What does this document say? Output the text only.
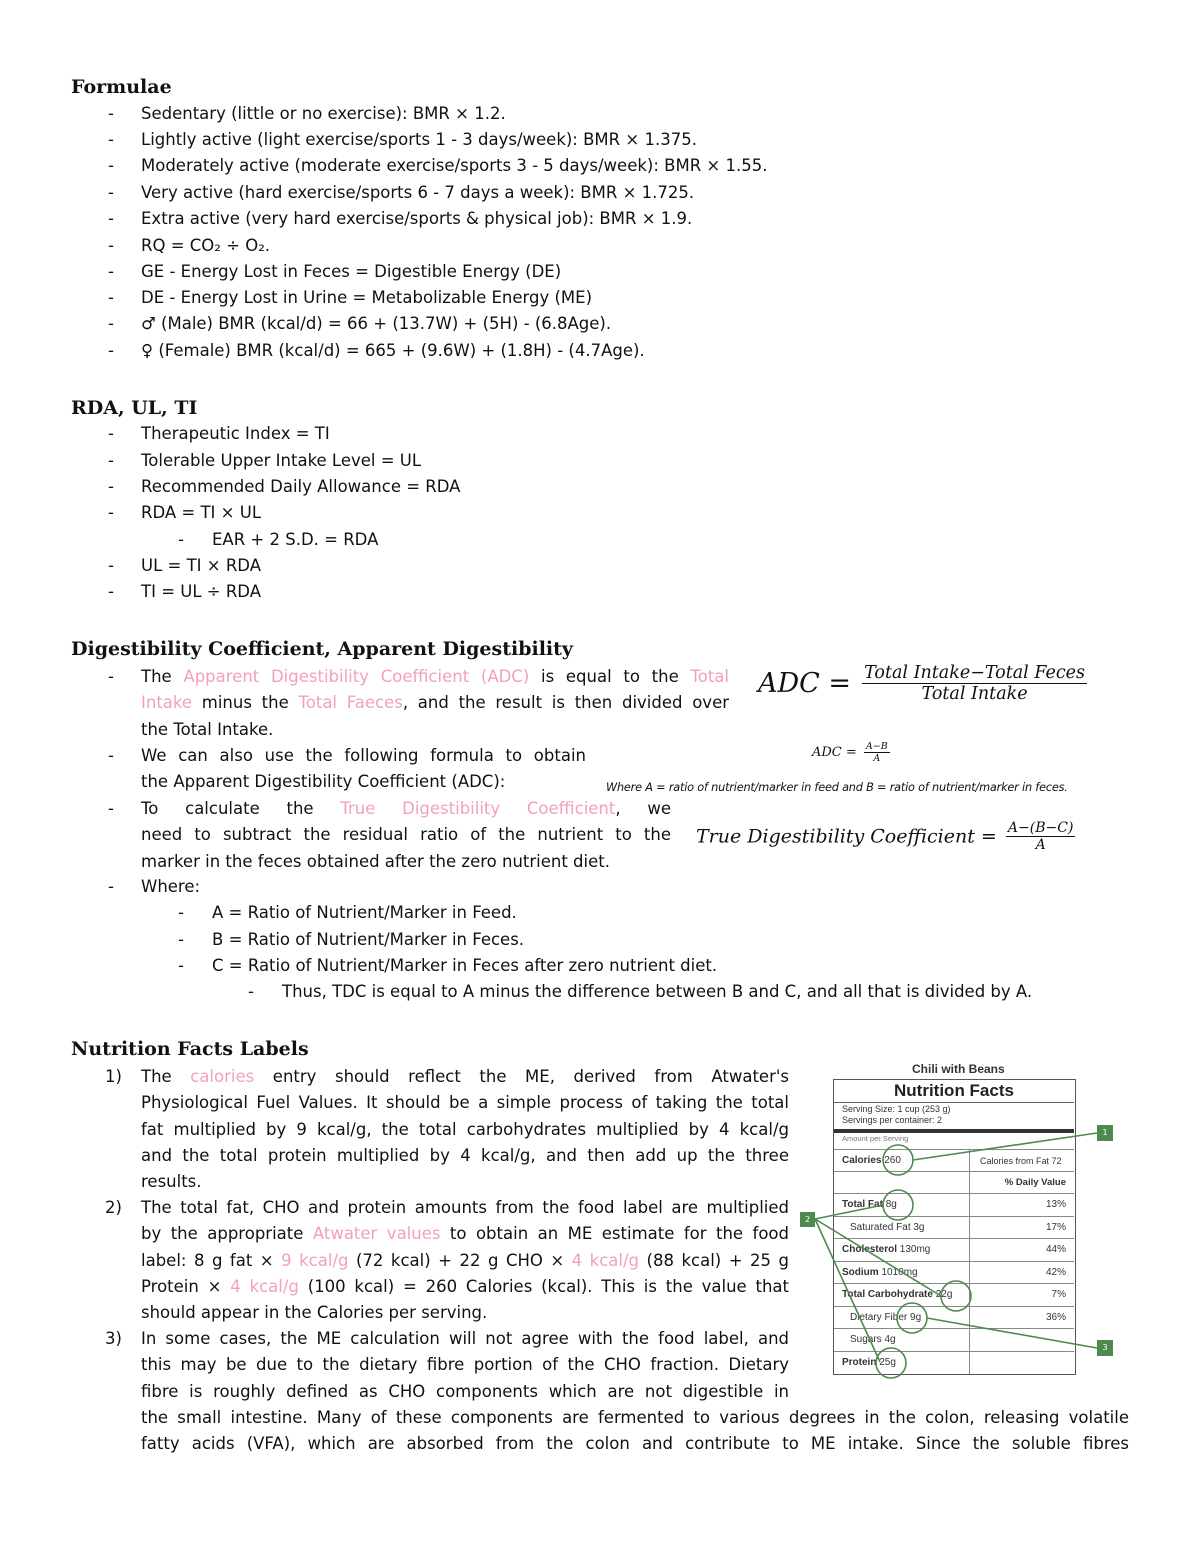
Formulae
- Sedentary (little or no exercise): BMR × 1.2.
- Lightly active (light exercise/sports 1 - 3 days/week): BMR × 1.375.
- Moderately active (moderate exercise/sports 3 - 5 days/week): BMR × 1.55.
- Very active (hard exercise/sports 6 - 7 days a week): BMR × 1.725.
- Extra active (very hard exercise/sports & physical job): BMR × 1.9.
- RQ = CO₂ ÷ O₂.
- GE - Energy Lost in Feces = Digestible Energy (DE)
- DE - Energy Lost in Urine = Metabolizable Energy (ME)
- ♂ (Male) BMR (kcal/d) = 66 + (13.7W) + (5H) - (6.8Age).
- ♀ (Female) BMR (kcal/d) = 665 + (9.6W) + (1.8H) - (4.7Age).
RDA, UL, TI
- Therapeutic Index = TI
- Tolerable Upper Intake Level = UL
- Recommended Daily Allowance = RDA
- RDA = TI × UL
- EAR + 2 S.D. = RDA
- UL = TI × RDA
- TI = UL ÷ RDA
Digestibility Coefficient, Apparent Digestibility
- The Apparent Digestibility Coefficient (ADC) is equal to the Total
Intake minus the Total Faeces, and the result is then divided over
the Total Intake.
- We can also use the following formula to obtain
the Apparent Digestibility Coefficient (ADC):
- To calculate the True Digestibility Coefficient, we
need to subtract the residual ratio of the nutrient to the
marker in the feces obtained after the zero nutrient diet.
- Where:
- A = Ratio of Nutrient/Marker in Feed.
- B = Ratio of Nutrient/Marker in Feces.
- C = Ratio of Nutrient/Marker in Feces after zero nutrient diet.
- Thus, TDC is equal to A minus the difference between B and C, and all that is divided by A.
ADC = $\frac{\text{Total Intake−Total Feces}}{\text{Total Intake}}$
ADC = $\frac{A-B}{A}$
Where A = ratio of nutrient/marker in feed and B = ratio of nutrient/marker in feces.
True Digestibility Coefficient = $\frac{A-(B-C)}{A}$
Nutrition Facts Labels
1) The calories entry should reflect the ME, derived from Atwater's
Physiological Fuel Values. It should be a simple process of taking the total
fat multiplied by 9 kcal/g, the total carbohydrates multiplied by 4 kcal/g
and the total protein multiplied by 4 kcal/g, and then add up the three
results.
2) The total fat, CHO and protein amounts from the food label are multiplied
by the appropriate Atwater values to obtain an ME estimate for the food
label: 8 g fat × 9 kcal/g (72 kcal) + 22 g CHO × 4 kcal/g (88 kcal) + 25 g
Protein × 4 kcal/g (100 kcal) = 260 Calories (kcal). This is the value that
should appear in the Calories per serving.
3) In some cases, the ME calculation will not agree with the food label, and
this may be due to the dietary fibre portion of the CHO fraction. Dietary
fibre is roughly defined as CHO components which are not digestible in
the small intestine. Many of these components are fermented to various degrees in the colon, releasing volatile
fatty acids (VFA), which are absorbed from the colon and contribute to ME intake. Since the soluble fibres
Chili with Beans
Nutrition Facts
Serving Size: 1 cup (253 g)
Servings per container: 2
Amount per Serving
Calories 260	Calories from Fat 72
	% Daily Value
Total Fat 8g	13%
Saturated Fat 3g	17%
Cholesterol 130mg	44%
Sodium 1010mg	42%
Total Carbohydrate 22g	7%
Dietary Fiber 9g	36%
Sugars 4g	
Protein 25g	
1
2
3
